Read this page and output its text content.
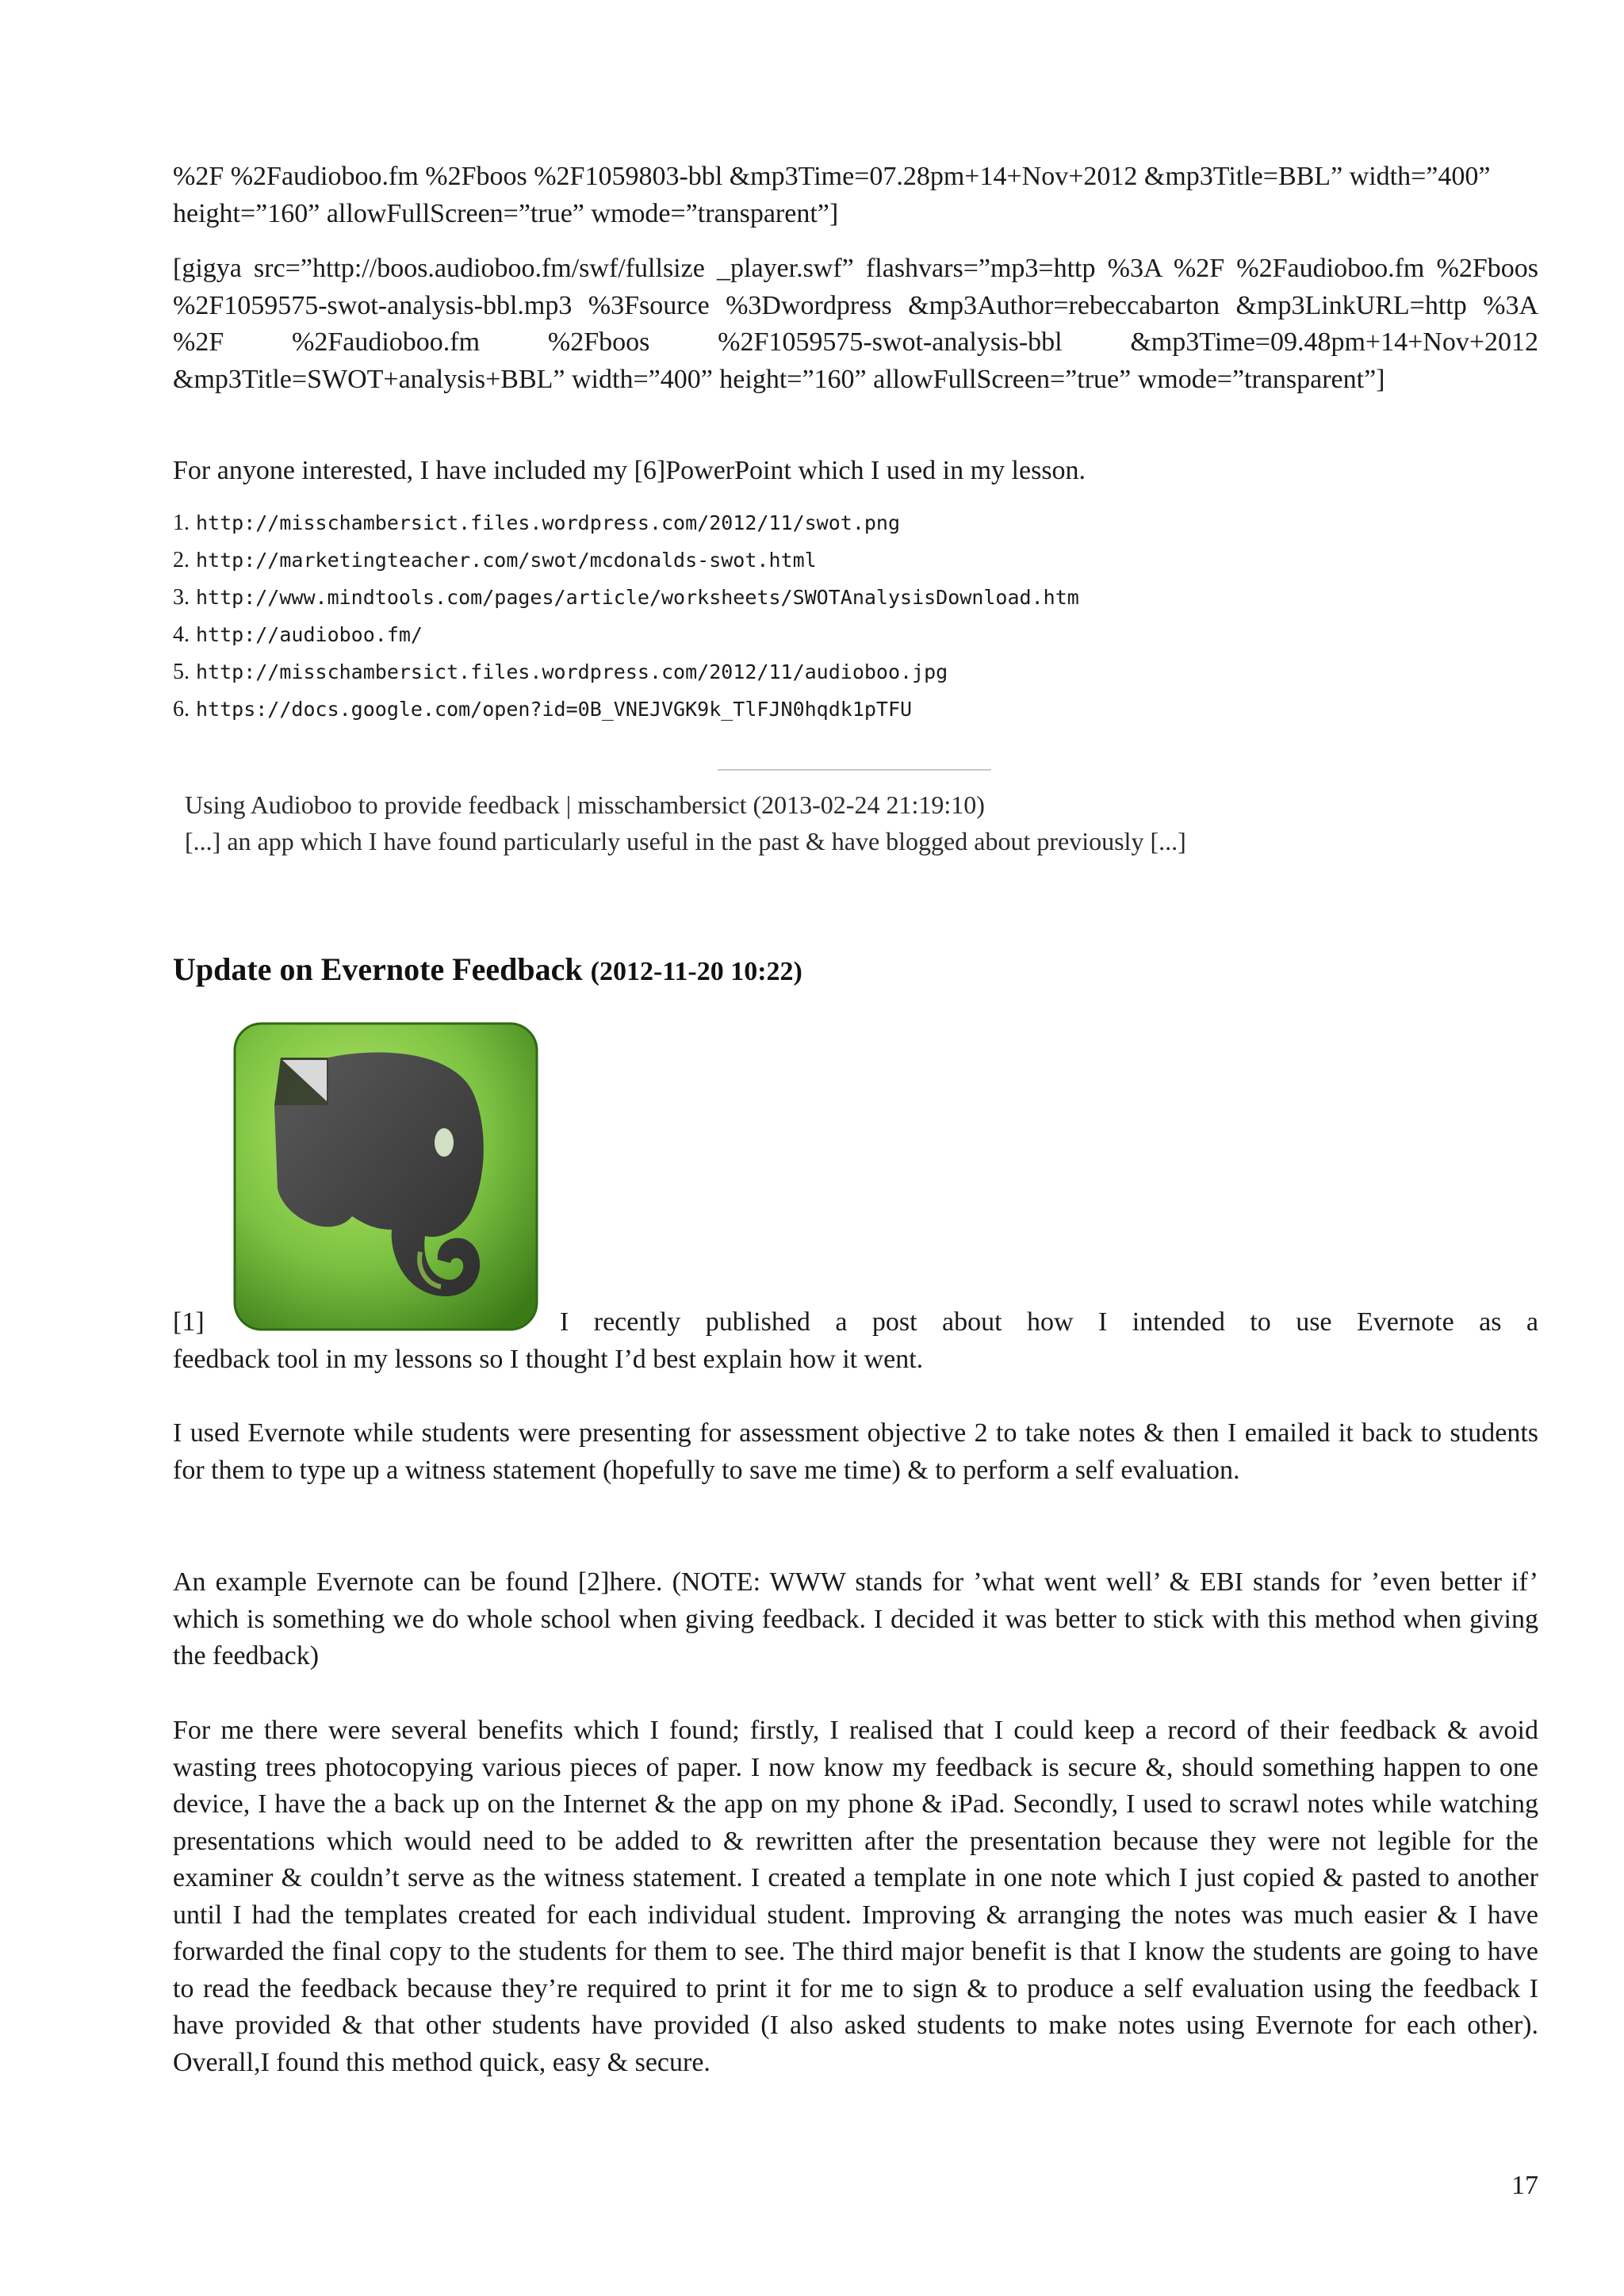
%2F %2Faudioboo.fm %2Fboos %2F1059803-bbl &mp3Time=07.28pm+14+Nov+2012 &mp3Title=BBL” width=”400” height=”160” allowFullScreen=”true” wmode=”transparent”]
[gigya src=”http://boos.audioboo.fm/swf/fullsize _player.swf” flashvars=”mp3=http %3A %2F %2Faudioboo.fm %2Fboos %2F1059575-swot-analysis-bbl.mp3 %3Fsource %3Dwordpress &mp3Author=rebeccabarton &mp3LinkURL=http %3A %2F %2Faudioboo.fm %2Fboos %2F1059575-swot-analysis-bbl &mp3Time=09.48pm+14+Nov+2012 &mp3Title=SWOT+analysis+BBL” width=”400” height=”160” allowFullScreen=”true” wmode=”transparent”]
For anyone interested, I have included my [6]PowerPoint which I used in my lesson.
1. http://misschambersict.files.wordpress.com/2012/11/swot.png
2. http://marketingteacher.com/swot/mcdonalds-swot.html
3. http://www.mindtools.com/pages/article/worksheets/SWOTAnalysisDownload.htm
4. http://audioboo.fm/
5. http://misschambersict.files.wordpress.com/2012/11/audioboo.jpg
6. https://docs.google.com/open?id=0B_VNEJVGK9k_TlFJN0hqdk1pTFU
Using Audioboo to provide feedback | misschambersict (2013-02-24 21:19:10)
[...] an app which I have found particularly useful in the past & have blogged about previously [...]
Update on Evernote Feedback (2012-11-20 10:22)
[1]	I recently published a post about how I intended to use Evernote as a
feedback tool in my lessons so I thought I’d best explain how it went.
I used Evernote while students were presenting for assessment objective 2 to take notes & then I emailed it back to students for them to type up a witness statement (hopefully to save me time) & to perform a self evaluation.
An example Evernote can be found [2]here. (NOTE: WWW stands for ’what went well’ & EBI stands for ’even better if’ which is something we do whole school when giving feedback. I decided it was better to stick with this method when giving the feedback)
For me there were several benefits which I found; firstly, I realised that I could keep a record of their feedback & avoid wasting trees photocopying various pieces of paper. I now know my feedback is secure &, should something happen to one device, I have the a back up on the Internet & the app on my phone & iPad. Secondly, I used to scrawl notes while watching presentations which would need to be added to & rewritten after the presentation because they were not legible for the examiner & couldn’t serve as the witness statement. I created a template in one note which I just copied & pasted to another until I had the templates created for each individual student. Improving & arranging the notes was much easier & I have forwarded the final copy to the students for them to see. The third major benefit is that I know the students are going to have to read the feedback because they’re required to print it for me to sign & to produce a self evaluation using the feedback I have provided & that other students have provided (I also asked students to make notes using Evernote for each other). Overall,I found this method quick, easy & secure.
17
